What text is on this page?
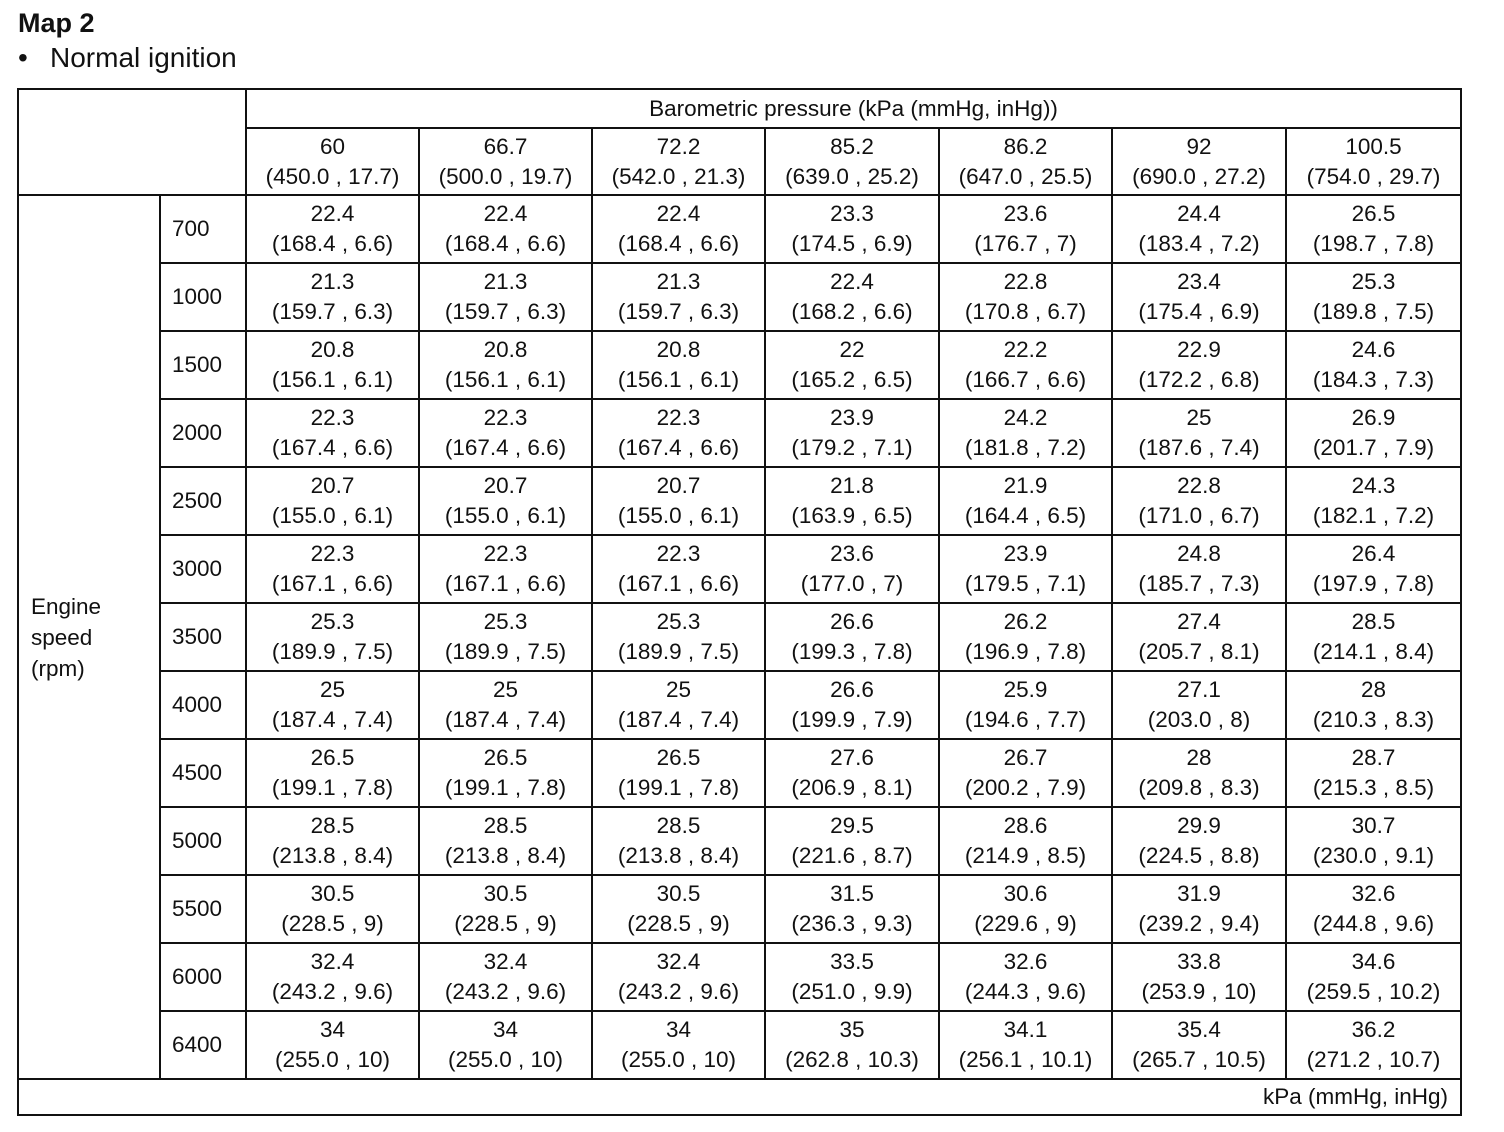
Map 2
• Normal ignition
		Barometric pressure (kPa (mmHg, inHg))						

		60
(450.0 , 17.7)	66.7
(500.0 , 19.7)	72.2
(542.0 , 21.3)	85.2
(639.0 , 25.2)	86.2
(647.0 , 25.5)	92
(690.0 , 27.2)	100.5
(754.0 , 29.7)

Engine
speed
(rpm)	700	22.4
(168.4 , 6.6)	22.4
(168.4 , 6.6)	22.4
(168.4 , 6.6)	23.3
(174.5 , 6.9)	23.6
(176.7 , 7)	24.4
(183.4 , 7.2)	26.5
(198.7 , 7.8)

	1000	21.3
(159.7 , 6.3)	21.3
(159.7 , 6.3)	21.3
(159.7 , 6.3)	22.4
(168.2 , 6.6)	22.8
(170.8 , 6.7)	23.4
(175.4 , 6.9)	25.3
(189.8 , 7.5)

	1500	20.8
(156.1 , 6.1)	20.8
(156.1 , 6.1)	20.8
(156.1 , 6.1)	22
(165.2 , 6.5)	22.2
(166.7 , 6.6)	22.9
(172.2 , 6.8)	24.6
(184.3 , 7.3)

	2000	22.3
(167.4 , 6.6)	22.3
(167.4 , 6.6)	22.3
(167.4 , 6.6)	23.9
(179.2 , 7.1)	24.2
(181.8 , 7.2)	25
(187.6 , 7.4)	26.9
(201.7 , 7.9)

	2500	20.7
(155.0 , 6.1)	20.7
(155.0 , 6.1)	20.7
(155.0 , 6.1)	21.8
(163.9 , 6.5)	21.9
(164.4 , 6.5)	22.8
(171.0 , 6.7)	24.3
(182.1 , 7.2)

	3000	22.3
(167.1 , 6.6)	22.3
(167.1 , 6.6)	22.3
(167.1 , 6.6)	23.6
(177.0 , 7)	23.9
(179.5 , 7.1)	24.8
(185.7 , 7.3)	26.4
(197.9 , 7.8)

	3500	25.3
(189.9 , 7.5)	25.3
(189.9 , 7.5)	25.3
(189.9 , 7.5)	26.6
(199.3 , 7.8)	26.2
(196.9 , 7.8)	27.4
(205.7 , 8.1)	28.5
(214.1 , 8.4)

	4000	25
(187.4 , 7.4)	25
(187.4 , 7.4)	25
(187.4 , 7.4)	26.6
(199.9 , 7.9)	25.9
(194.6 , 7.7)	27.1
(203.0 , 8)	28
(210.3 , 8.3)

	4500	26.5
(199.1 , 7.8)	26.5
(199.1 , 7.8)	26.5
(199.1 , 7.8)	27.6
(206.9 , 8.1)	26.7
(200.2 , 7.9)	28
(209.8 , 8.3)	28.7
(215.3 , 8.5)

	5000	28.5
(213.8 , 8.4)	28.5
(213.8 , 8.4)	28.5
(213.8 , 8.4)	29.5
(221.6 , 8.7)	28.6
(214.9 , 8.5)	29.9
(224.5 , 8.8)	30.7
(230.0 , 9.1)

	5500	30.5
(228.5 , 9)	30.5
(228.5 , 9)	30.5
(228.5 , 9)	31.5
(236.3 , 9.3)	30.6
(229.6 , 9)	31.9
(239.2 , 9.4)	32.6
(244.8 , 9.6)

	6000	32.4
(243.2 , 9.6)	32.4
(243.2 , 9.6)	32.4
(243.2 , 9.6)	33.5
(251.0 , 9.9)	32.6
(244.3 , 9.6)	33.8
(253.9 , 10)	34.6
(259.5 , 10.2)

	6400	34
(255.0 , 10)	34
(255.0 , 10)	34
(255.0 , 10)	35
(262.8 , 10.3)	34.1
(256.1 , 10.1)	35.4
(265.7 , 10.5)	36.2
(271.2 , 10.7)

kPa (mmHg, inHg)								
